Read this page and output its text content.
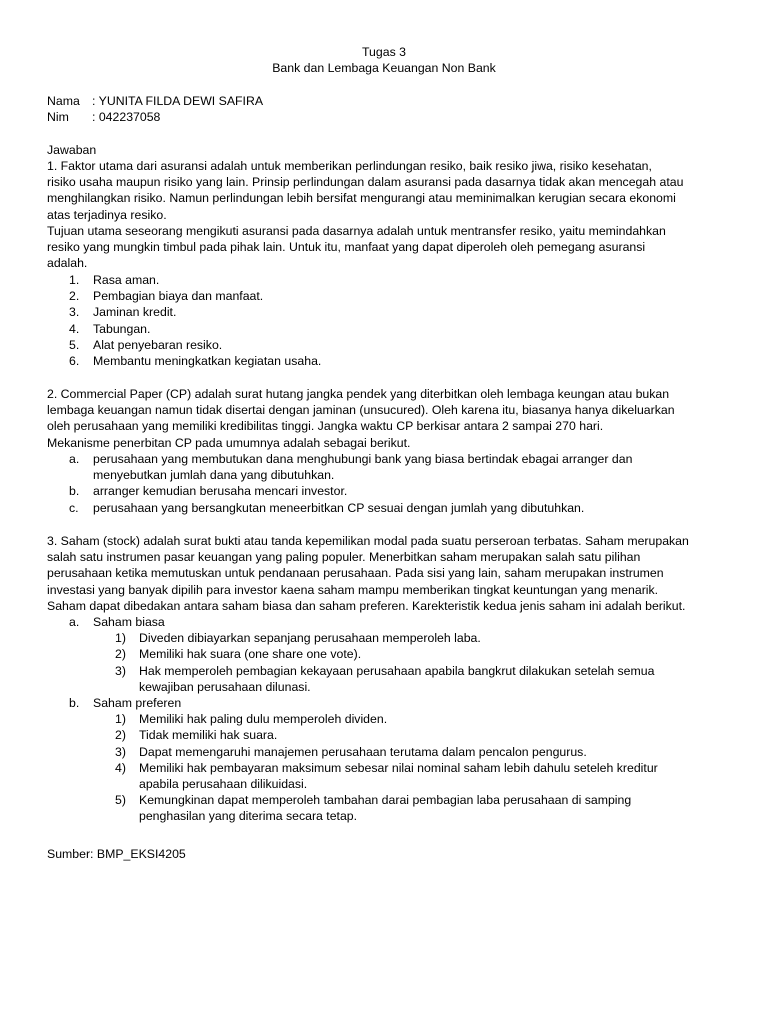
Tugas 3
Bank dan Lembaga Keuangan Non Bank
Nama : YUNITA FILDA DEWI SAFIRA
Nim : 042237058
Jawaban
1. Faktor utama dari asuransi adalah untuk memberikan perlindungan resiko, baik resiko jiwa, risiko kesehatan,
risiko usaha maupun risiko yang lain. Prinsip perlindungan dalam asuransi pada dasarnya tidak akan mencegah atau
menghilangkan risiko. Namun perlindungan lebih bersifat mengurangi atau meminimalkan kerugian secara ekonomi
atas terjadinya resiko.
Tujuan utama seseorang mengikuti asuransi pada dasarnya adalah untuk mentransfer resiko, yaitu memindahkan
resiko yang mungkin timbul pada pihak lain. Untuk itu, manfaat yang dapat diperoleh oleh pemegang asuransi
adalah.
1. Rasa aman.
2. Pembagian biaya dan manfaat.
3. Jaminan kredit.
4. Tabungan.
5. Alat penyebaran resiko.
6. Membantu meningkatkan kegiatan usaha.
2. Commercial Paper (CP) adalah surat hutang jangka pendek yang diterbitkan oleh lembaga keungan atau bukan
lembaga keuangan namun tidak disertai dengan jaminan (unsucured). Oleh karena itu, biasanya hanya dikeluarkan
oleh perusahaan yang memiliki kredibilitas tinggi. Jangka waktu CP berkisar antara 2 sampai 270 hari.
Mekanisme penerbitan CP pada umumnya adalah sebagai berikut.
a. perusahaan yang membutukan dana menghubungi bank yang biasa bertindak ebagai arranger dan
menyebutkan jumlah dana yang dibutuhkan.
b. arranger kemudian berusaha mencari investor.
c. perusahaan yang bersangkutan meneerbitkan CP sesuai dengan jumlah yang dibutuhkan.
3. Saham (stock) adalah surat bukti atau tanda kepemilikan modal pada suatu perseroan terbatas. Saham merupakan
salah satu instrumen pasar keuangan yang paling populer. Menerbitkan saham merupakan salah satu pilihan
perusahaan ketika memutuskan untuk pendanaan perusahaan. Pada sisi yang lain, saham merupakan instrumen
investasi yang banyak dipilih para investor kaena saham mampu memberikan tingkat keuntungan yang menarik.
Saham dapat dibedakan antara saham biasa dan saham preferen. Karekteristik kedua jenis saham ini adalah berikut.
a. Saham biasa
1) Diveden dibiayarkan sepanjang perusahaan memperoleh laba.
2) Memiliki hak suara (one share one vote).
3) Hak memperoleh pembagian kekayaan perusahaan apabila bangkrut dilakukan setelah semua
kewajiban perusahaan dilunasi.
b. Saham preferen
1) Memiliki hak paling dulu memperoleh dividen.
2) Tidak memiliki hak suara.
3) Dapat memengaruhi manajemen perusahaan terutama dalam pencalon pengurus.
4) Memiliki hak pembayaran maksimum sebesar nilai nominal saham lebih dahulu seteleh kreditur
apabila perusahaan dilikuidasi.
5) Kemungkinan dapat memperoleh tambahan darai pembagian laba perusahaan di samping
penghasilan yang diterima secara tetap.
Sumber: BMP_EKSI4205
